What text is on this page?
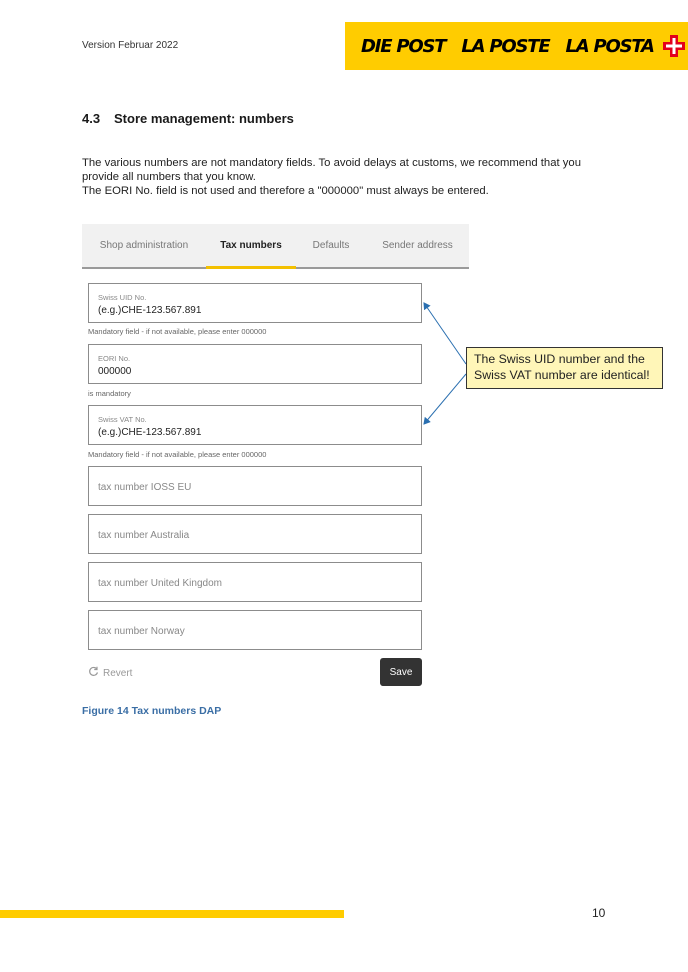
Version Februar 2022	DIE POST LA POSTE LA POSTA
4.3 Store management: numbers

The various numbers are not mandatory fields. To avoid delays at customs, we recommend that you

provide all numbers that you know.

The EORI No. field is not used and therefore a "000000" must always be entered.

Shop administration	Tax numbers	Defaults	Sender address
Swiss UID No.
(e.g.)CHE-123.567.891
Mandatory field - if not available, please enter 000000
EORI No.
000000
is mandatory
Swiss VAT No.
(e.g.)CHE-123.567.891
Mandatory field - if not available, please enter 000000
tax number IOSS EU
tax number Australia
tax number United Kingdom
tax number Norway
Revert	Save
Figure 14 Tax numbers DAP
The Swiss UID number and the
Swiss VAT number are identical!
10
